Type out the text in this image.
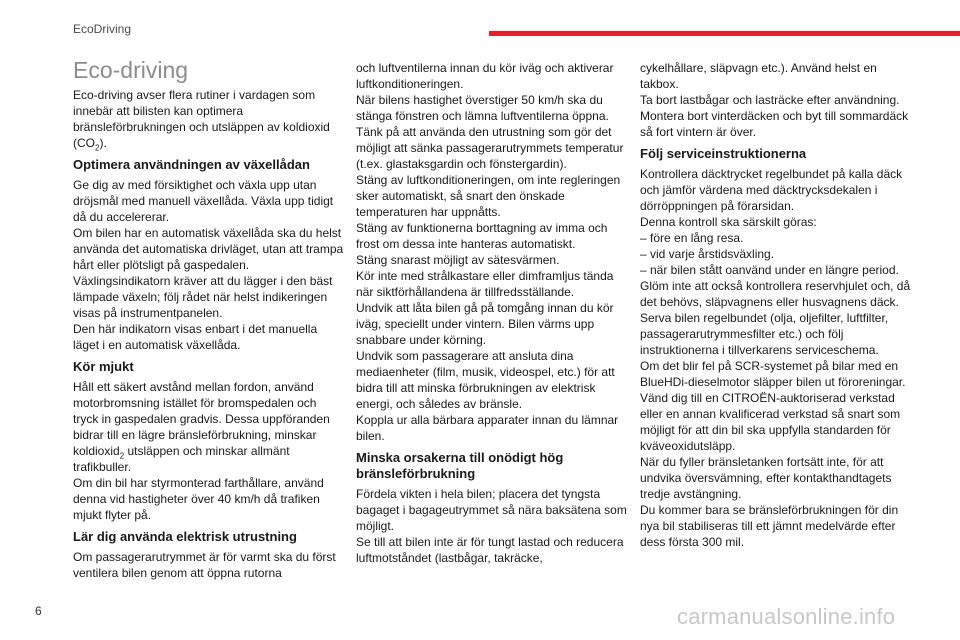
EcoDriving
Eco-driving

Eco-driving avser flera rutiner i vardagen som innebär att bilisten kan optimera bränsleförbrukningen och utsläppen av koldioxid $(CO_2)$.

Optimera användningen av växellådan

Ge dig av med försiktighet och växla upp utan dröjsmål med manuell växellåda. Växla upp tidigt då du accelererar.
Om bilen har en automatisk växellåda ska du helst använda det automatiska drivläget, utan att trampa hårt eller plötsligt på gaspedalen.
Växlingsindikatorn kräver att du lägger i den bäst lämpade växeln; följ rådet när helst indikeringen visas på instrumentpanelen.
Den här indikatorn visas enbart i det manuella läget i en automatisk växellåda.

Kör mjukt

Håll ett säkert avstånd mellan fordon, använd motorbromsning istället för bromspedalen och tryck in gaspedalen gradvis. Dessa uppföranden bidrar till en lägre bränsleförbrukning, minskar koldioxid$_2$ utsläppen och minskar allmänt trafikbuller.
Om din bil har styrmonterad farthållare, använd denna vid hastigheter över 40 km/h då trafiken mjukt flyter på.

Lär dig använda elektrisk utrustning

Om passagerarutrymmet är för varmt ska du först ventilera bilen genom att öppna rutorna

och luftventilerna innan du kör iväg och aktiverar luftkonditioneringen.
När bilens hastighet överstiger 50 km/h ska du stänga fönstren och lämna luftventilerna öppna.
Tänk på att använda den utrustning som gör det möjligt att sänka passagerarutrymmets temperatur (t.ex. glastaksgardin och fönstergardin).
Stäng av luftkonditioneringen, om inte regleringen sker automatiskt, så snart den önskade temperaturen har uppnåtts.
Stäng av funktionerna borttagning av imma och frost om dessa inte hanteras automatiskt.
Stäng snarast möjligt av sätesvärmen.
Kör inte med strålkastare eller dimframljus tända när siktförhållandena är tillfredsställande.
Undvik att låta bilen gå på tomgång innan du kör iväg, speciellt under vintern. Bilen värms upp snabbare under körning.
Undvik som passagerare att ansluta dina mediaenheter (film, musik, videospel, etc.) för att bidra till att minska förbrukningen av elektrisk energi, och således av bränsle.
Koppla ur alla bärbara apparater innan du lämnar bilen.

Minska orsakerna till onödigt hög bränsleförbrukning

Fördela vikten i hela bilen; placera det tyngsta bagaget i bagageutrymmet så nära baksätena som möjligt.
Se till att bilen inte är för tungt lastad och reducera luftmotståndet (lastbågar, takräcke,

cykelhållare, släpvagn etc.). Använd helst en takbox.
Ta bort lastbågar och lasträcke efter användning.
Montera bort vinterdäcken och byt till sommardäck så fort vintern är över.

Följ serviceinstruktionerna

Kontrollera däcktrycket regelbundet på kalla däck och jämför värdena med däcktrycksdekalen i dörröppningen på förarsidan.
Denna kontroll ska särskilt göras:
– före en lång resa.
– vid varje årstidsväxling.
– när bilen stått oanvänd under en längre period.
Glöm inte att också kontrollera reservhjulet och, då det behövs, släpvagnens eller husvagnens däck.
Serva bilen regelbundet (olja, oljefilter, luftfilter, passagerarutrymmesfilter etc.) och följ instruktionerna i tillverkarens serviceschema.
Om det blir fel på SCR-systemet på bilar med en BlueHDi-dieselmotor släpper bilen ut föroreningar. Vänd dig till en CITROËN-auktoriserad verkstad eller en annan kvalificerad verkstad så snart som möjligt för att din bil ska uppfylla standarden för kväveoxidutsläpp.
När du fyller bränsletanken fortsätt inte, för att undvika översvämning, efter kontakthandtagets tredje avstängning.
Du kommer bara se bränsleförbrukningen för din nya bil stabiliseras till ett jämnt medelvärde efter dess första 300 mil.

6	carmanualsonline.info
